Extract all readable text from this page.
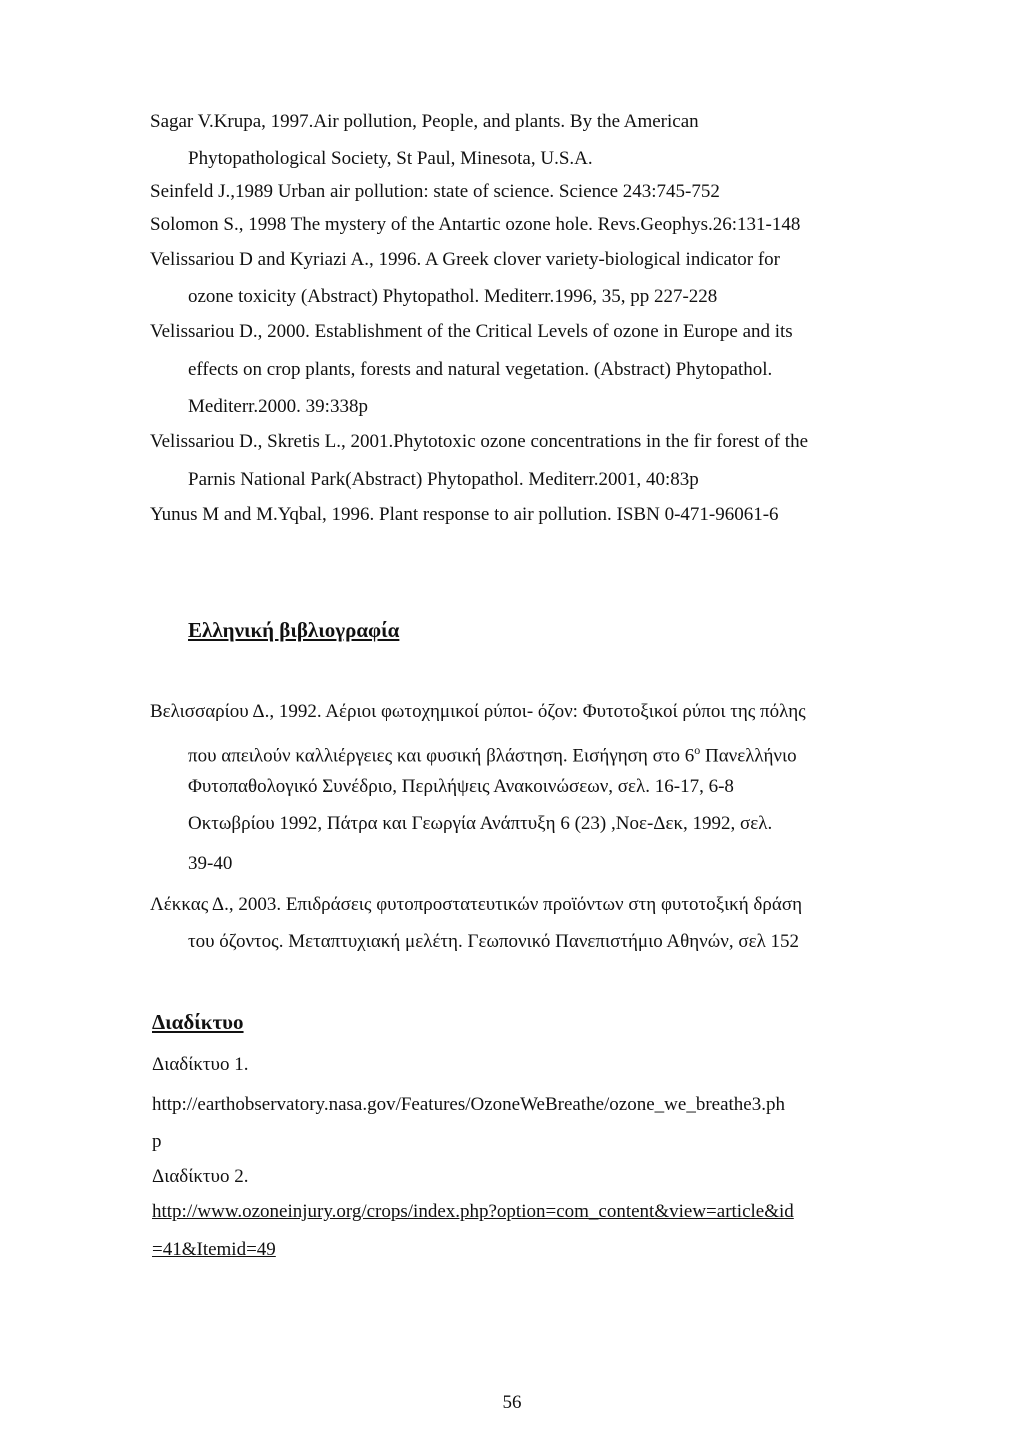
Sagar V.Krupa, 1997.Air pollution, People, and plants. By the American
Phytopathological Society, St Paul, Minesota, U.S.A.
Seinfeld J.,1989 Urban air pollution: state of science. Science 243:745-752
Solomon S., 1998 The mystery of the Antartic ozone hole. Revs.Geophys.26:131-148
Velissariou D and Kyriazi A., 1996. A Greek clover variety-biological indicator for
ozone toxicity (Abstract) Phytopathol. Mediterr.1996, 35, pp 227-228
Velissariou D., 2000. Establishment of the Critical Levels of ozone in Europe and its
effects on crop plants, forests and natural vegetation. (Abstract) Phytopathol.
Mediterr.2000. 39:338p
Velissariou D., Skretis L., 2001.Phytotoxic ozone concentrations in the fir forest of the
Parnis National Park(Abstract) Phytopathol. Mediterr.2001, 40:83p
Yunus M and M.Yqbal, 1996. Plant response to air pollution. ISBN 0-471-96061-6
Ελληνική βιβλιογραφία
Βελισσαρίου Δ., 1992. Αέριοι φωτοχημικοί ρύποι- όζον: Φυτοτοξικοί ρύποι της πόλης
που απειλούν καλλιέργειες και φυσική βλάστηση. Εισήγηση στο $6^o$ Πανελλήνιο
Φυτοπαθολογικό Συνέδριο, Περιλήψεις Ανακοινώσεων, σελ. 16-17, 6-8
Οκτωβρίου 1992, Πάτρα και Γεωργία Ανάπτυξη 6 (23) ,Νοε-Δεκ, 1992, σελ.
39-40
Λέκκας Δ., 2003. Επιδράσεις φυτοπροστατευτικών προϊόντων στη φυτοτοξική δράση
του όζοντος. Μεταπτυχιακή μελέτη. Γεωπονικό Πανεπιστήμιο Αθηνών, σελ 152
Διαδίκτυο
Διαδίκτυο 1.
http://earthobservatory.nasa.gov/Features/OzoneWeBreathe/ozone_we_breathe3.ph
p
Διαδίκτυο 2.
http://www.ozoneinjury.org/crops/index.php?option=com_content&view=article&id
=41&Itemid=49
56
